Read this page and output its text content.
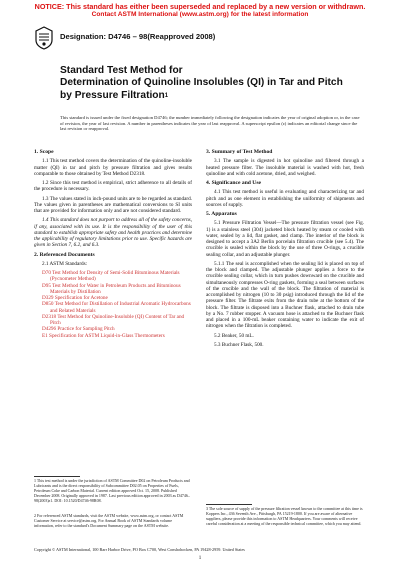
NOTICE: This standard has either been superseded and replaced by a new version or withdrawn.
Contact ASTM International (www.astm.org) for the latest information
Designation: D4746 – 98(Reapproved 2008)
Standard Test Method for
Determination of Quinoline Insolubles (QI) in Tar and Pitch
by Pressure Filtration$^1$
This standard is issued under the fixed designation D4746; the number immediately following the designation indicates the year of original adoption or, in the case of revision, the year of last revision. A number in parentheses indicates the year of last reapproval. A superscript epsilon (ε) indicates an editorial change since the last revision or reapproval.
1. Scope
1.1 This test method covers the determination of the quinoline-insoluble matter (QI) in tar and pitch by pressure filtration and gives results comparable to those obtained by Test Method D2318.
1.2 Since this test method is empirical, strict adherence to all details of the procedure is necessary.
1.3 The values stated in inch-pound units are to be regarded as standard. The values given in parentheses are mathematical conversions to SI units that are provided for information only and are not considered standard.
1.4 This standard does not purport to address all of the safety concerns, if any, associated with its use. It is the responsibility of the user of this standard to establish appropriate safety and health practices and determine the applicability of regulatory limitations prior to use. Specific hazards are given in Section 7, 6.2, and 6.3.
2. Referenced Documents
2.1 ASTM Standards:
D70 Test Method for Density of Semi-Solid Bituminous Materials (Pycnometer Method)
D95 Test Method for Water in Petroleum Products and Bituminous Materials by Distillation
D329 Specification for Acetone
D850 Test Method for Distillation of Industrial Aromatic Hydrocarbons and Related Materials
D2318 Test Method for Quinoline-Insoluble (QI) Content of Tar and Pitch
D4296 Practice for Sampling Pitch
E1 Specification for ASTM Liquid-in-Glass Thermometers
1 This test method is under the jurisdiction of ASTM Committee D02 on Petroleum Products and Lubricants and is the direct responsibility of Subcommittee D02.05 on Properties of Fuels, Petroleum Coke and Carbon Material. Current edition approved Oct. 15, 2008. Published December 2008. Originally approved in 1987. Last previous edition approved in 2003 as D4746–98(2003)ε1. DOI: 10.1520/D4746-98R08.
2 For referenced ASTM standards, visit the ASTM website, www.astm.org, or contact ASTM Customer Service at service@astm.org. For Annual Book of ASTM Standards volume information, refer to the standard's Document Summary page on the ASTM website.
3. Summary of Test Method
3.1 The sample is digested in hot quinoline and filtered through a heated pressure filter. The insoluble material is washed with hot, fresh quinoline and with cold acetone, dried, and weighed.
4. Significance and Use
4.1 This test method is useful in evaluating and characterizing tar and pitch and as one element in establishing the uniformity of shipments and sources of supply.
5. Apparatus
5.1 Pressure Filtration Vessel—The pressure filtration vessel (see Fig. 1) is a stainless steel (304) jacketed block heated by steam or cooled with water, sealed by a lid, flat gasket, and clamp. The interior of the block is designed to accept a 3A2 Berlin porcelain filtration crucible (see 5.4). The crucible is sealed within the block by the use of three O-rings, a crucible sealing collar, and an adjustable plunger.
5.1.1 The seal is accomplished when the sealing lid is placed on top of the block and clamped. The adjustable plunger applies a force to the crucible sealing collar, which in turn pushes downward on the crucible and simultaneously compresses O-ring gaskets, forming a seal between surfaces of the crucible and the wall of the block. The filtration of material is accomplished by nitrogen (10 to 30 psig) introduced through the lid of the pressure filter. The filtrate exits from the drain tube at the bottom of the block. The filtrate is disposed into a Buchner flask, attached to drain tube by a No. 7 rubber stopper. A vacuum hose is attached to the Buchner flask and placed in a 100-mL beaker containing water to indicate the exit of nitrogen when the filtration is completed.
5.2 Beaker, 50 mL.
5.3 Buchner Flask, 500.
3 The sole source of supply of the pressure filtration vessel known to the committee at this time is Koppers Inc., 436 Seventh Ave., Pittsburgh, PA 15219-1800. If you are aware of alternative suppliers, please provide this information to ASTM Headquarters. Your comments will receive careful consideration at a meeting of the responsible technical committee, which you may attend.
Copyright © ASTM International, 100 Barr Harbor Drive, PO Box C700, West Conshohocken, PA 19428-2959. United States
1
